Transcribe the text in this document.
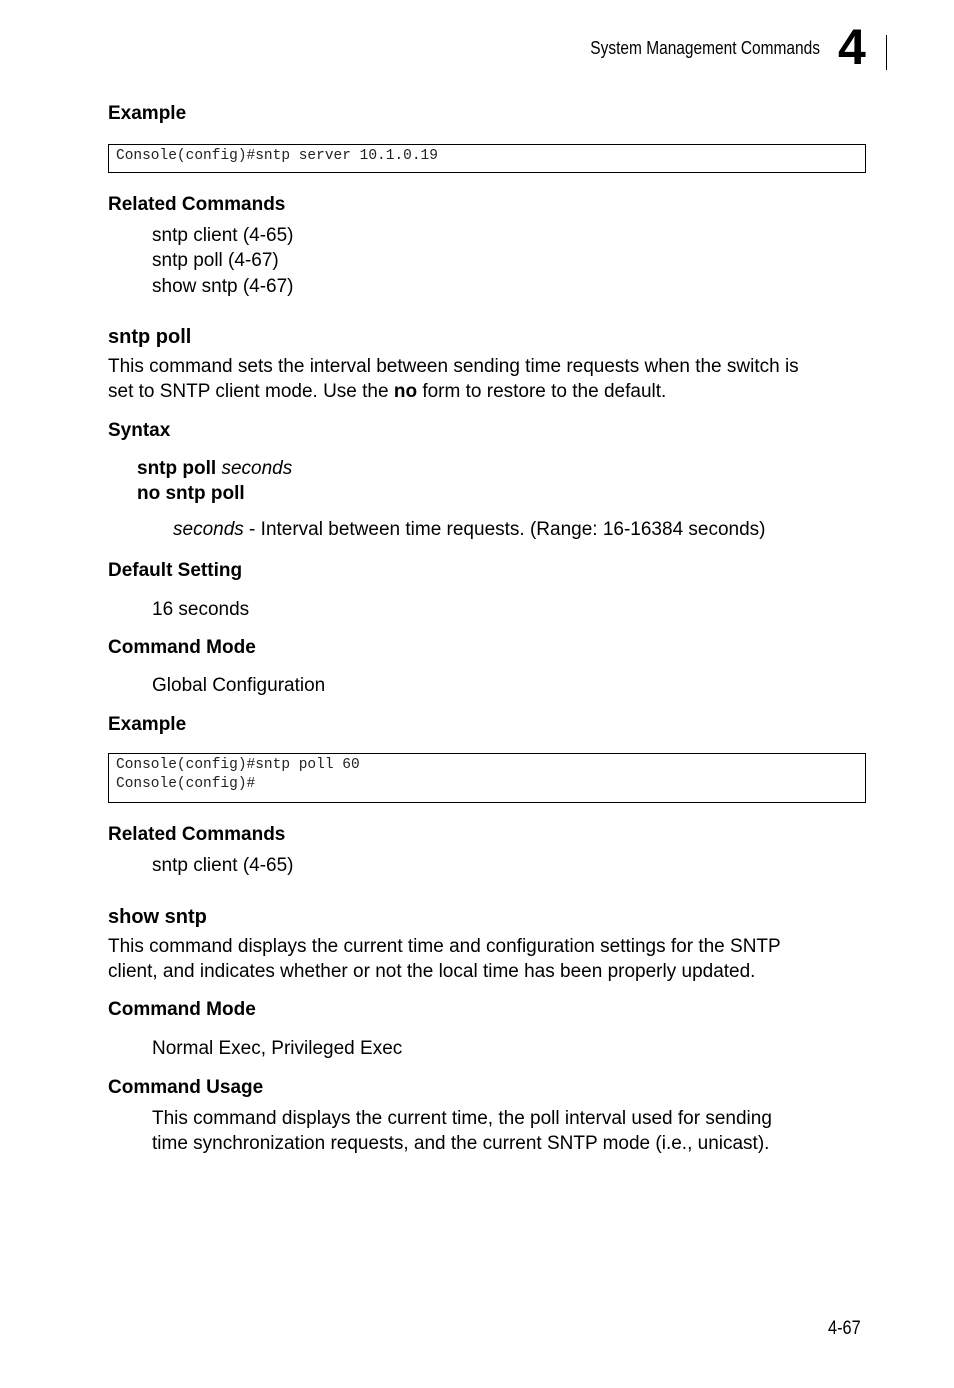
System Management Commands 4
Example
Console(config)#sntp server 10.1.0.19
Related Commands
sntp client (4-65)
sntp poll (4-67)
show sntp (4-67)
sntp poll
This command sets the interval between sending time requests when the switch is
set to SNTP client mode. Use the no form to restore to the default.
Syntax
sntp poll seconds
no sntp poll
seconds - Interval between time requests. (Range: 16-16384 seconds)
Default Setting
16 seconds
Command Mode
Global Configuration
Example
Console(config)#sntp poll 60
Console(config)#
Related Commands
sntp client (4-65)
show sntp
This command displays the current time and configuration settings for the SNTP
client, and indicates whether or not the local time has been properly updated.
Command Mode
Normal Exec, Privileged Exec
Command Usage
This command displays the current time, the poll interval used for sending
time synchronization requests, and the current SNTP mode (i.e., unicast).
4-67
